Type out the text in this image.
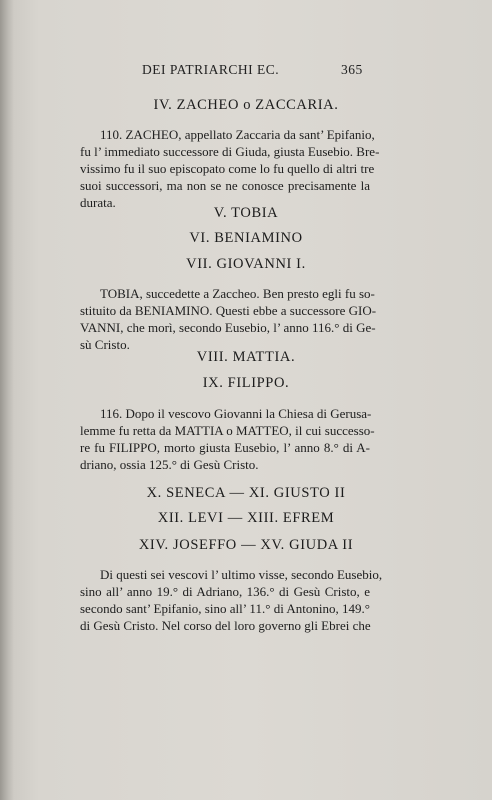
DEI PATRIARCHI EC.	365
IV. ZACHEO o ZACCARIA.
110. ZACHEO, appellato Zaccaria da sant’ Epifanio,
fu l’ immediato successore di Giuda, giusta Eusebio. Bre-
vissimo fu il suo episcopato come lo fu quello di altri tre
suoi successori, ma non se ne conosce precisamente la
durata.
V. TOBIA
VI. BENIAMINO
VII. GIOVANNI I.
TOBIA, succedette a Zaccheo. Ben presto egli fu so-
stituito da BENIAMINO. Questi ebbe a successore GIO-
VANNI, che morì, secondo Eusebio, l’ anno 116.° di Ge-
sù Cristo.
VIII. MATTIA.
IX. FILIPPO.
116. Dopo il vescovo Giovanni la Chiesa di Gerusa-
lemme fu retta da MATTIA o MATTEO, il cui successo-
re fu FILIPPO, morto giusta Eusebio, l’ anno 8.° di A-
driano, ossia 125.° di Gesù Cristo.
X. SENECA — XI. GIUSTO II
XII. LEVI — XIII. EFREM
XIV. JOSEFFO — XV. GIUDA II
Di questi sei vescovi l’ ultimo visse, secondo Eusebio,
sino all’ anno 19.° di Adriano, 136.° di Gesù Cristo, e
secondo sant’ Epifanio, sino all’ 11.° di Antonino, 149.°
di Gesù Cristo. Nel corso del loro governo gli Ebrei che
